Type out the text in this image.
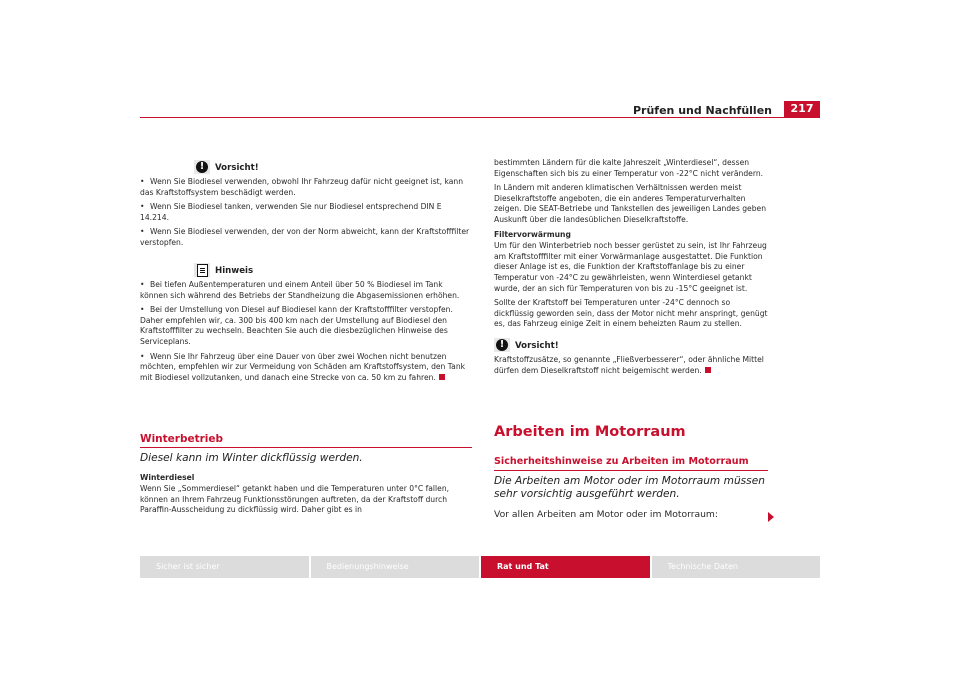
Prüfen und Nachfüllen	217
!	Vorsicht!

• Wenn Sie Biodiesel verwenden, obwohl Ihr Fahrzeug dafür nicht geeignet ist, kann das Kraftstoffsystem beschädigt werden.

• Wenn Sie Biodiesel tanken, verwenden Sie nur Biodiesel entsprechend DIN E 14.214.

• Wenn Sie Biodiesel verwenden, der von der Norm abweicht, kann der Kraftstofffilter verstopfen.

Hinweis

• Bei tiefen Außentemperaturen und einem Anteil über 50 % Biodiesel im Tank können sich während des Betriebs der Standheizung die Abgasemissionen erhöhen.

• Bei der Umstellung von Diesel auf Biodiesel kann der Kraftstofffilter verstopfen. Daher empfehlen wir, ca. 300 bis 400 km nach der Umstellung auf Biodiesel den Kraftstofffilter zu wechseln. Beachten Sie auch die diesbezüglichen Hinweise des Serviceplans.

• Wenn Sie Ihr Fahrzeug über eine Dauer von über zwei Wochen nicht benutzen möchten, empfehlen wir zur Vermeidung von Schäden am Kraftstoffsystem, den Tank mit Biodiesel vollzutanken, und danach eine Strecke von ca. 50 km zu fahren.

Winterbetrieb
Diesel kann im Winter dickflüssig werden.
Winterdiesel

Wenn Sie „Sommerdiesel“ getankt haben und die Temperaturen unter 0°C fallen, können an Ihrem Fahrzeug Funktionsstörungen auftreten, da der Kraftstoff durch Paraffin-Ausscheidung zu dickflüssig wird. Daher gibt es in

bestimmten Ländern für die kalte Jahreszeit „Winterdiesel“, dessen Eigenschaften sich bis zu einer Temperatur von -22°C nicht verändern.

In Ländern mit anderen klimatischen Verhältnissen werden meist Dieselkraftstoffe angeboten, die ein anderes Temperaturverhalten zeigen. Die SEAT-Betriebe und Tankstellen des jeweiligen Landes geben Auskunft über die landesüblichen Dieselkraftstoffe.

Filtervorwärmung

Um für den Winterbetrieb noch besser gerüstet zu sein, ist Ihr Fahrzeug am Kraftstofffilter mit einer Vorwärmanlage ausgestattet. Die Funktion dieser Anlage ist es, die Funktion der Kraftstoffanlage bis zu einer Temperatur von -24°C zu gewährleisten, wenn Winterdiesel getankt wurde, der an sich für Temperaturen von bis zu -15°C geeignet ist.

Sollte der Kraftstoff bei Temperaturen unter -24°C dennoch so dickflüssig geworden sein, dass der Motor nicht mehr anspringt, genügt es, das Fahrzeug einige Zeit in einem beheizten Raum zu stellen.

!	Vorsicht!

Kraftstoffzusätze, so genannte „Fließverbesserer“, oder ähnliche Mittel dürfen dem Dieselkraftstoff nicht beigemischt werden.

Arbeiten im Motorraum
Sicherheitshinweise zu Arbeiten im Motorraum
Die Arbeiten am Motor oder im Motorraum müssen sehr vorsichtig ausgeführt werden.

Vor allen Arbeiten am Motor oder im Motorraum:

Sicher ist sicher	Bedienungshinweise	Rat und Tat	Technische Daten
